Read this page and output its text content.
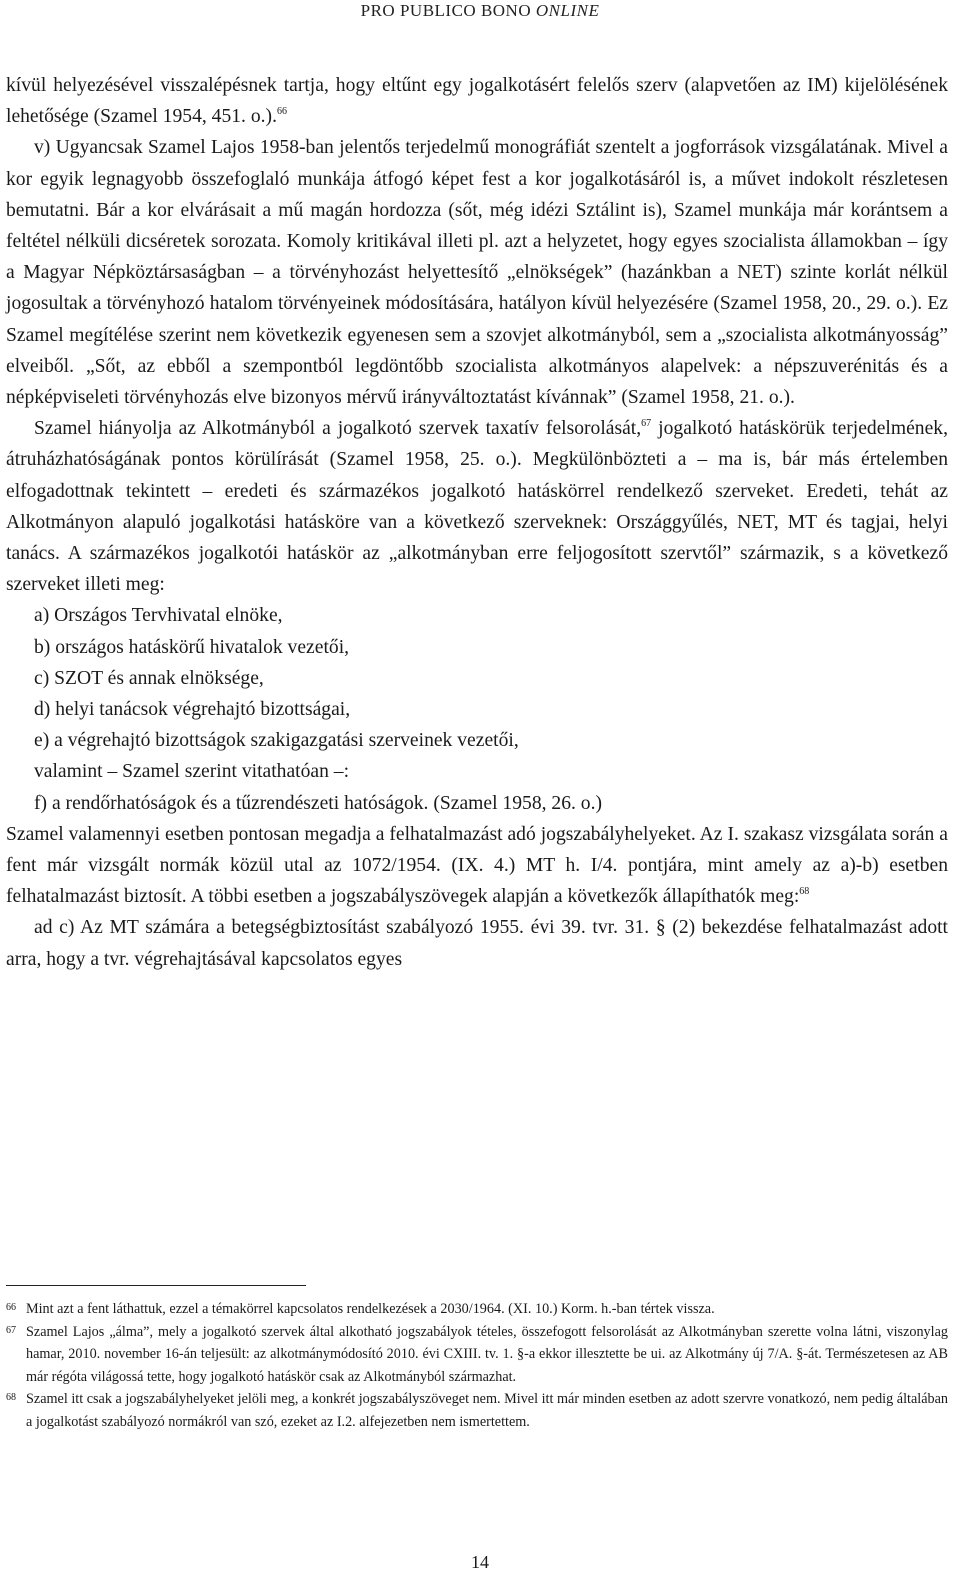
PRO PUBLICO BONO ONLINE

kívül helyezésével visszalépésnek tartja, hogy eltűnt egy jogalkotásért felelős szerv (alapvetően az IM) kijelölésének lehetősége (Szamel 1954, 451. o.).$^{66}$

v) Ugyancsak Szamel Lajos 1958-ban jelentős terjedelmű monográfiát szentelt a jogforrások vizsgálatának. Mivel a kor egyik legnagyobb összefoglaló munkája átfogó képet fest a kor jogalkotásáról is, a művet indokolt részletesen bemutatni. Bár a kor elvárásait a mű magán hordozza (sőt, még idézi Sztálint is), Szamel munkája már korántsem a feltétel nélküli dicséretek sorozata. Komoly kritikával illeti pl. azt a helyzetet, hogy egyes szocialista államokban – így a Magyar Népköztársaságban – a törvényhozást helyettesítő „elnökségek” (hazánkban a NET) szinte korlát nélkül jogosultak a törvényhozó hatalom törvényeinek módosítására, hatályon kívül helyezésére (Szamel 1958, 20., 29. o.). Ez Szamel megítélése szerint nem következik egyenesen sem a szovjet alkotmányból, sem a „szocialista alkotmányosság” elveiből. „Sőt, az ebből a szempontból legdöntőbb szocialista alkotmányos alapelvek: a népszuverénitás és a népképviseleti törvényhozás elve bizonyos mérvű irányváltoztatást kívánnak” (Szamel 1958, 21. o.).

Szamel hiányolja az Alkotmányból a jogalkotó szervek taxatív felsorolását,$^{67}$ jogalkotó hatáskörük terjedelmének, átruházhatóságának pontos körülírását (Szamel 1958, 25. o.). Megkülönbözteti a – ma is, bár más értelemben elfogadottnak tekintett – eredeti és származékos jogalkotó hatáskörrel rendelkező szerveket. Eredeti, tehát az Alkotmányon alapuló jogalkotási hatásköre van a következő szerveknek: Országgyűlés, NET, MT és tagjai, helyi tanács. A származékos jogalkotói hatáskör az „alkotmányban erre feljogosított szervtől” származik, s a következő szerveket illeti meg:

a) Országos Tervhivatal elnöke,

b) országos hatáskörű hivatalok vezetői,

c) SZOT és annak elnöksége,

d) helyi tanácsok végrehajtó bizottságai,

e) a végrehajtó bizottságok szakigazgatási szerveinek vezetői,

valamint – Szamel szerint vitathatóan –:

f) a rendőrhatóságok és a tűzrendészeti hatóságok. (Szamel 1958, 26. o.)

Szamel valamennyi esetben pontosan megadja a felhatalmazást adó jogszabályhelyeket. Az I. szakasz vizsgálata során a fent már vizsgált normák közül utal az 1072/1954. (IX. 4.) MT h. I/4. pontjára, mint amely az a)-b) esetben felhatalmazást biztosít. A többi esetben a jogszabályszövegek alapján a következők állapíthatók meg:$^{68}$

ad c) Az MT számára a betegségbiztosítást szabályozó 1955. évi 39. tvr. 31. § (2) bekezdése felhatalmazást adott arra, hogy a tvr. végrehajtásával kapcsolatos egyes

66 Mint azt a fent láthattuk, ezzel a témakörrel kapcsolatos rendelkezések a 2030/1964. (XI. 10.) Korm. h.-ban tértek vissza.
67 Szamel Lajos „álma”, mely a jogalkotó szervek által alkotható jogszabályok tételes, összefogott felsorolását az Alkotmányban szerette volna látni, viszonylag hamar, 2010. november 16-án teljesült: az alkotmánymódosító 2010. évi CXIII. tv. 1. §-a ekkor illesztette be ui. az Alkotmány új 7/A. §-át. Természetesen az AB már régóta világossá tette, hogy jogalkotó hatáskör csak az Alkotmányból származhat.
68 Szamel itt csak a jogszabályhelyeket jelöli meg, a konkrét jogszabályszöveget nem. Mivel itt már minden esetben az adott szervre vonatkozó, nem pedig általában a jogalkotást szabályozó normákról van szó, ezeket az I.2. alfejezetben nem ismertettem.
14
